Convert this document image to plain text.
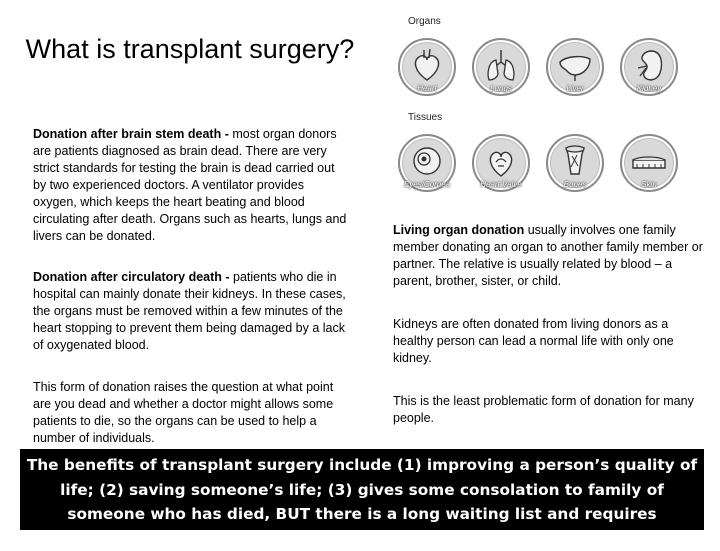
What is transplant surgery?

Donation after brain stem death - most organ donors are patients diagnosed as brain dead. There are very strict standards for testing the brain is dead carried out by two experienced doctors. A ventilator provides oxygen, which keeps the heart beating and blood circulating after death. Organs such as hearts, lungs and livers can be donated.

Donation after circulatory death - patients who die in hospital can mainly donate their kidneys. In these cases, the organs must be removed within a few minutes of the heart stopping to prevent them being damaged by a lack of oxygenated blood.

This form of donation raises the question at what point are you dead and whether a doctor might allows some patients to die, so the organs can be used to help a number of individuals.

Organs
Tissues
Heart	Lungs	Liver	Kidney
Eyes/Cornea	Heart Valve	Bones	Skin

Living organ donation usually involves one family member donating an organ to another family member or partner. The relative is usually related by blood – a parent, brother, sister, or child.

Kidneys are often donated from living donors as a healthy person can lead a normal life with only one kidney.

This is the least problematic form of donation for many people.

The benefits of transplant surgery include (1) improving a person’s quality of life; (2) saving someone’s life; (3) gives some consolation to family of someone who has died, BUT there is a long waiting list and requires expensive drugs for life.
